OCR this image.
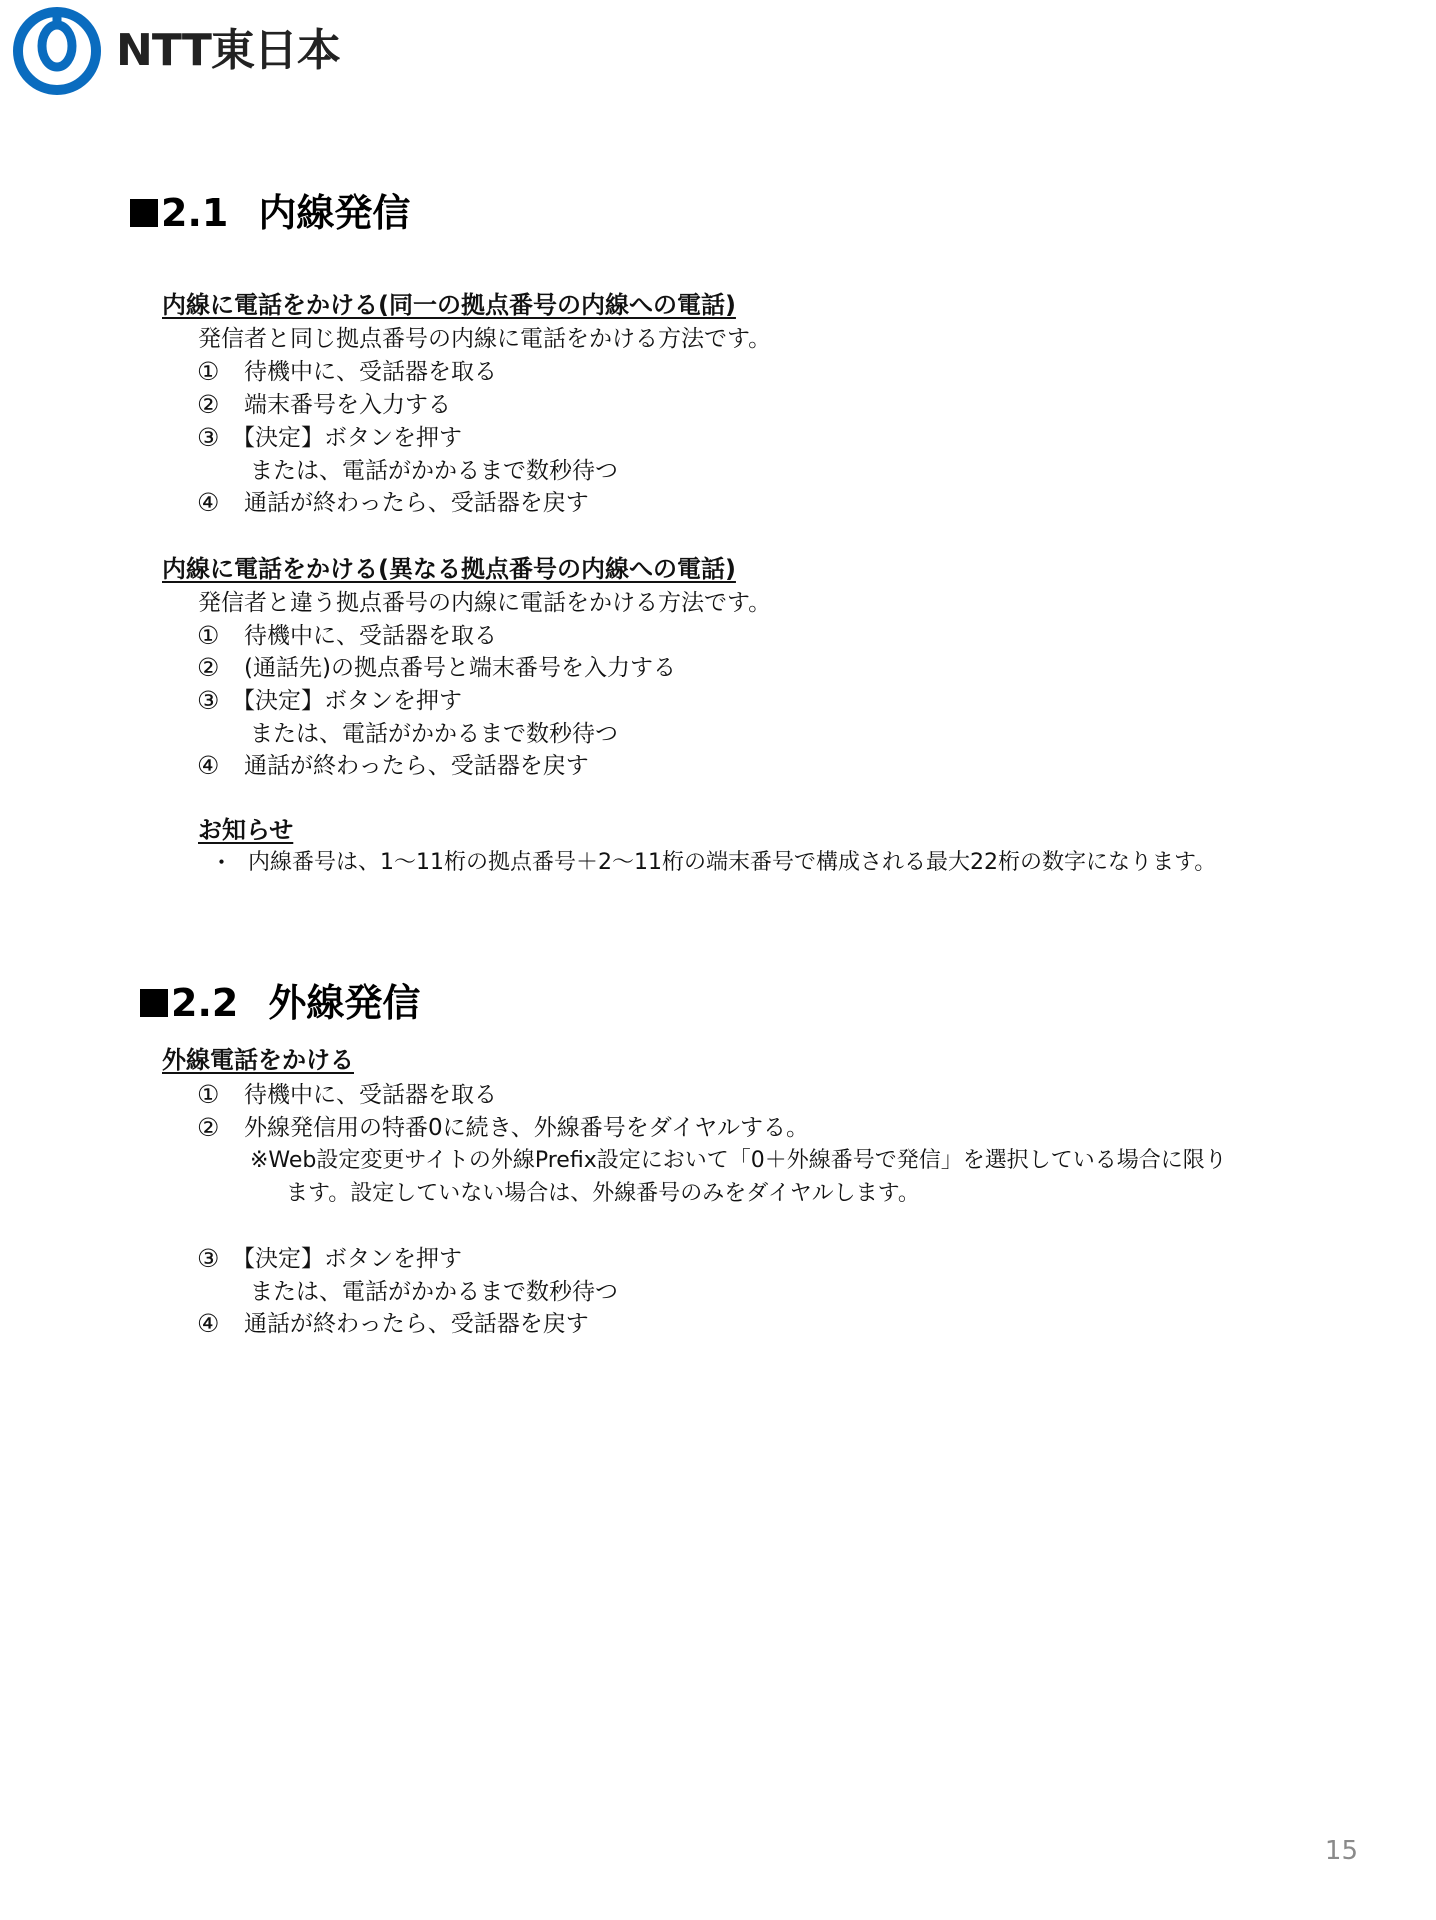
NTT東日本
2.1 内線発信
内線に電話をかける(同一の拠点番号の内線への電話)
発信者と同じ拠点番号の内線に電話をかける方法です。
① 待機中に、受話器を取る
② 端末番号を入力する
③ 【決定】ボタンを押す
または、電話がかかるまで数秒待つ
④ 通話が終わったら、受話器を戻す
内線に電話をかける(異なる拠点番号の内線への電話)
発信者と違う拠点番号の内線に電話をかける方法です。
① 待機中に、受話器を取る
② (通話先)の拠点番号と端末番号を入力する
③ 【決定】ボタンを押す
または、電話がかかるまで数秒待つ
④ 通話が終わったら、受話器を戻す
お知らせ
・ 内線番号は、1〜11桁の拠点番号＋2〜11桁の端末番号で構成される最大22桁の数字になります。
2.2 外線発信
外線電話をかける
① 待機中に、受話器を取る
② 外線発信用の特番0に続き、外線番号をダイヤルする。
※Web設定変更サイトの外線Prefix設定において「0＋外線番号で発信」を選択している場合に限り
ます。設定していない場合は、外線番号のみをダイヤルします。
③ 【決定】ボタンを押す
または、電話がかかるまで数秒待つ
④ 通話が終わったら、受話器を戻す
15
